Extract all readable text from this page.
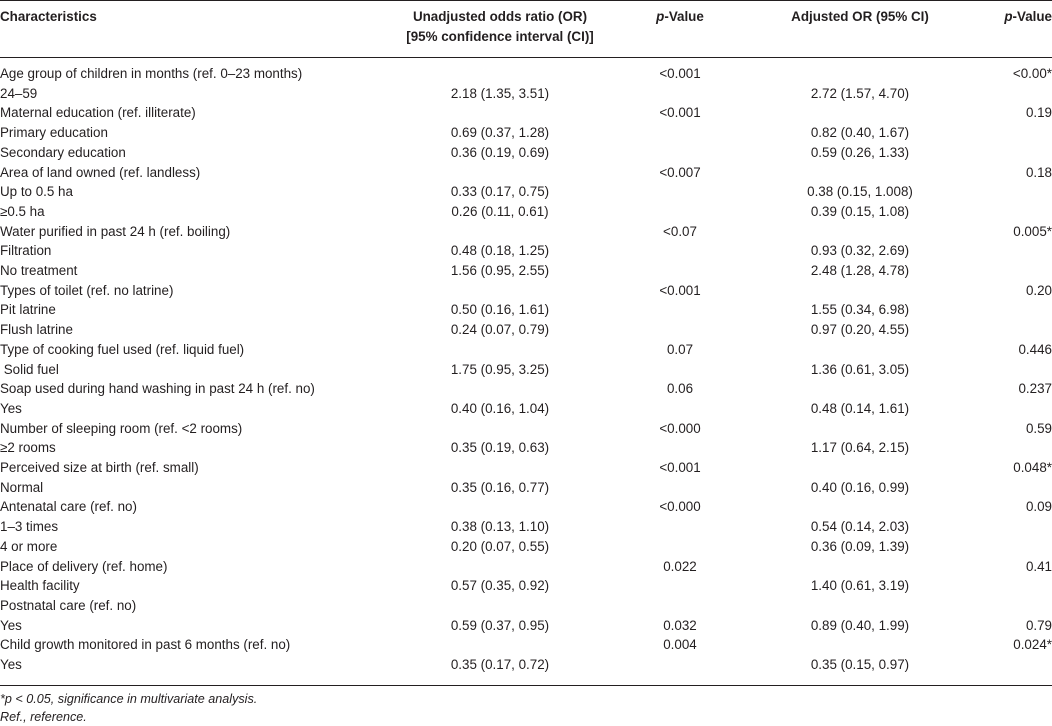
Characteristics	Unadjusted odds ratio (OR)
[95% confidence interval (CI)]
p-Value	Adjusted OR (95% CI)	p-Value
Age group of children in months (ref. 0–23 months)	<0.001	<0.00*
24–59	2.18 (1.35, 3.51)	2.72 (1.57, 4.70)
Maternal education (ref. illiterate)	<0.001	0.19
Primary education	0.69 (0.37, 1.28)	0.82 (0.40, 1.67)
Secondary education	0.36 (0.19, 0.69)	0.59 (0.26, 1.33)
Area of land owned (ref. landless)	<0.007	0.18
Up to 0.5 ha	0.33 (0.17, 0.75)	0.38 (0.15, 1.008)
≥0.5 ha	0.26 (0.11, 0.61)	0.39 (0.15, 1.08)
Water purified in past 24 h (ref. boiling)	<0.07	0.005*
Filtration	0.48 (0.18, 1.25)	0.93 (0.32, 2.69)
No treatment	1.56 (0.95, 2.55)	2.48 (1.28, 4.78)
Types of toilet (ref. no latrine)	<0.001	0.20
Pit latrine	0.50 (0.16, 1.61)	1.55 (0.34, 6.98)
Flush latrine	0.24 (0.07, 0.79)	0.97 (0.20, 4.55)
Type of cooking fuel used (ref. liquid fuel)	0.07	0.446
Solid fuel	1.75 (0.95, 3.25)	1.36 (0.61, 3.05)
Soap used during hand washing in past 24 h (ref. no)	0.06	0.237
Yes	0.40 (0.16, 1.04)	0.48 (0.14, 1.61)
Number of sleeping room (ref. <2 rooms)	<0.000	0.59
≥2 rooms	0.35 (0.19, 0.63)	1.17 (0.64, 2.15)
Perceived size at birth (ref. small)	<0.001	0.048*
Normal	0.35 (0.16, 0.77)	0.40 (0.16, 0.99)
Antenatal care (ref. no)	<0.000	0.09
1–3 times	0.38 (0.13, 1.10)	0.54 (0.14, 2.03)
4 or more	0.20 (0.07, 0.55)	0.36 (0.09, 1.39)
Place of delivery (ref. home)	0.022	0.41
Health facility	0.57 (0.35, 0.92)	1.40 (0.61, 3.19)
Postnatal care (ref. no)
Yes	0.59 (0.37, 0.95)	0.032	0.89 (0.40, 1.99)	0.79
Child growth monitored in past 6 months (ref. no)	0.004	0.024*
Yes	0.35 (0.17, 0.72)	0.35 (0.15, 0.97)
*p < 0.05, significance in multivariate analysis.
Ref., reference.
